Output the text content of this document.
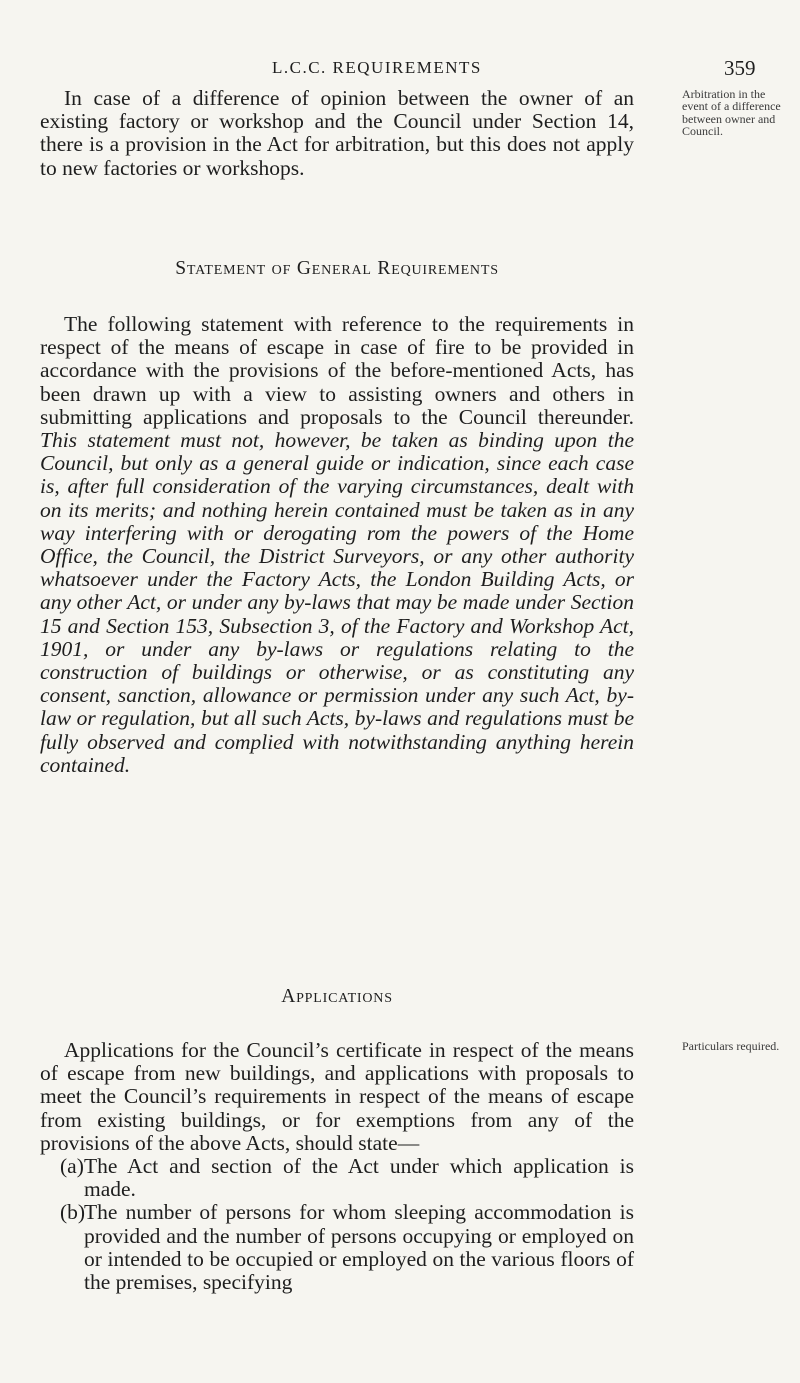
L.C.C. REQUIREMENTS	359

In case of a difference of opinion between the owner of an existing factory or workshop and the Council under Section 14, there is a provision in the Act for arbitration, but this does not apply to new factories or workshops.

Arbitration in the event of a difference between owner and Council.

Statement of General Requirements

The following statement with reference to the requirements in respect of the means of escape in case of fire to be provided in accordance with the provisions of the before-mentioned Acts, has been drawn up with a view to assisting owners and others in submitting applications and proposals to the Council thereunder. This statement must not, however, be taken as binding upon the Council, but only as a general guide or indication, since each case is, after full consideration of the varying circumstances, dealt with on its merits; and nothing herein contained must be taken as in any way interfering with or derogating rom the powers of the Home Office, the Council, the District Surveyors, or any other authority whatsoever under the Factory Acts, the London Building Acts, or any other Act, or under any by-laws that may be made under Section 15 and Section 153, Subsection 3, of the Factory and Workshop Act, 1901, or under any by-laws or regulations relating to the construction of buildings or otherwise, or as constituting any consent, sanction, allowance or permission under any such Act, by-law or regulation, but all such Acts, by-laws and regulations must be fully observed and complied with notwithstanding anything herein contained.

Applications

Applications for the Council’s certificate in respect of the means of escape from new buildings, and applications with proposals to meet the Council’s requirements in respect of the means of escape from existing buildings, or for exemptions from any of the provisions of the above Acts, should state—

Particulars required.

(a) The Act and section of the Act under which application is made.
(b)
The number of persons for whom sleeping accommodation is provided and the number of persons occupying or employed on or intended to be occupied or employed on the various floors of the premises, specifying
